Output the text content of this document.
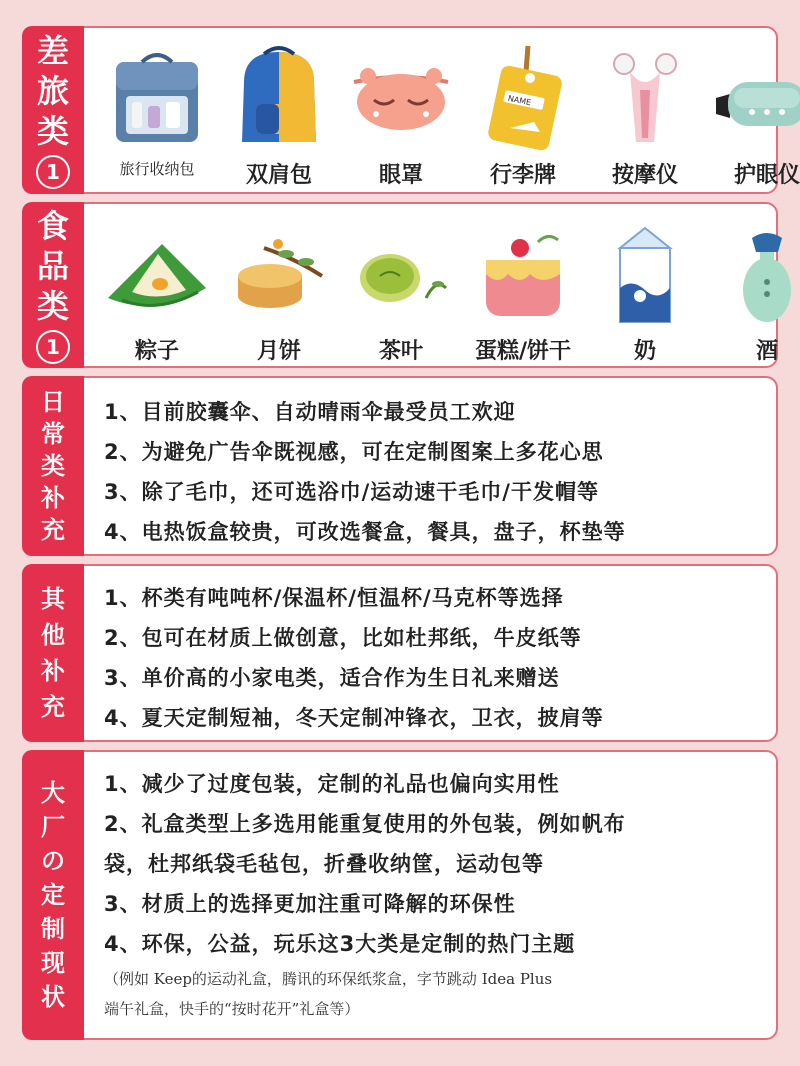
差
旅
类
1	旅行收纳包	双肩包	眼罩
NAME
行李牌	按摩仪	护眼仪
食
品
类
1	粽子	月饼	茶叶	蛋糕/饼干	奶	酒
日
常
类
补
充
1、目前胶囊伞、自动晴雨伞最受员工欢迎
2、为避免广告伞既视感，可在定制图案上多花心思
3、除了毛巾，还可选浴巾/运动速干毛巾/干发帽等
4、电热饭盒较贵，可改选餐盒，餐具，盘子，杯垫等
其
他
补
充
1、杯类有吨吨杯/保温杯/恒温杯/马克杯等选择
2、包可在材质上做创意，比如杜邦纸，牛皮纸等
3、单价高的小家电类，适合作为生日礼来赠送
4、夏天定制短袖，冬天定制冲锋衣，卫衣，披肩等
大
厂
の
定
制
现
状
1、减少了过度包装，定制的礼品也偏向实用性
2、礼盒类型上多选用能重复使用的外包装，例如帆布
袋，杜邦纸袋毛毡包，折叠收纳筐，运动包等
3、材质上的选择更加注重可降解的环保性
4、环保，公益，玩乐这3大类是定制的热门主题
（例如 Keep的运动礼盒，腾讯的环保纸浆盒，字节跳动 Idea Plus
端午礼盒，快手的“按时花开”礼盒等）
